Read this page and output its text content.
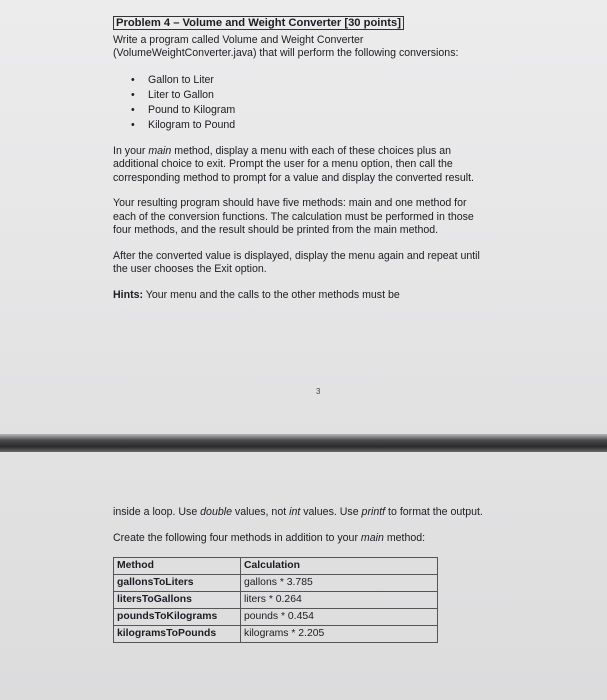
Problem 4 – Volume and Weight Converter [30 points]

Write a program called Volume and Weight Converter (VolumeWeightConverter.java) that will perform the following conversions:

• Gallon to Liter
• Liter to Gallon
• Pound to Kilogram
• Kilogram to Pound

In your main method, display a menu with each of these choices plus an additional choice to exit. Prompt the user for a menu option, then call the corresponding method to prompt for a value and display the converted result.

Your resulting program should have five methods: main and one method for each of the conversion functions. The calculation must be performed in those four methods, and the result should be printed from the main method.

After the converted value is displayed, display the menu again and repeat until the user chooses the Exit option.

Hints: Your menu and the calls to the other methods must be

3

inside a loop. Use double values, not int values. Use printf to format the output.

Create the following four methods in addition to your main method:

Method	Calculation
gallonsToLiters	gallons * 3.785
litersToGallons	liters * 0.264
poundsToKilograms	pounds * 0.454
kilogramsToPounds	kilograms * 2.205
